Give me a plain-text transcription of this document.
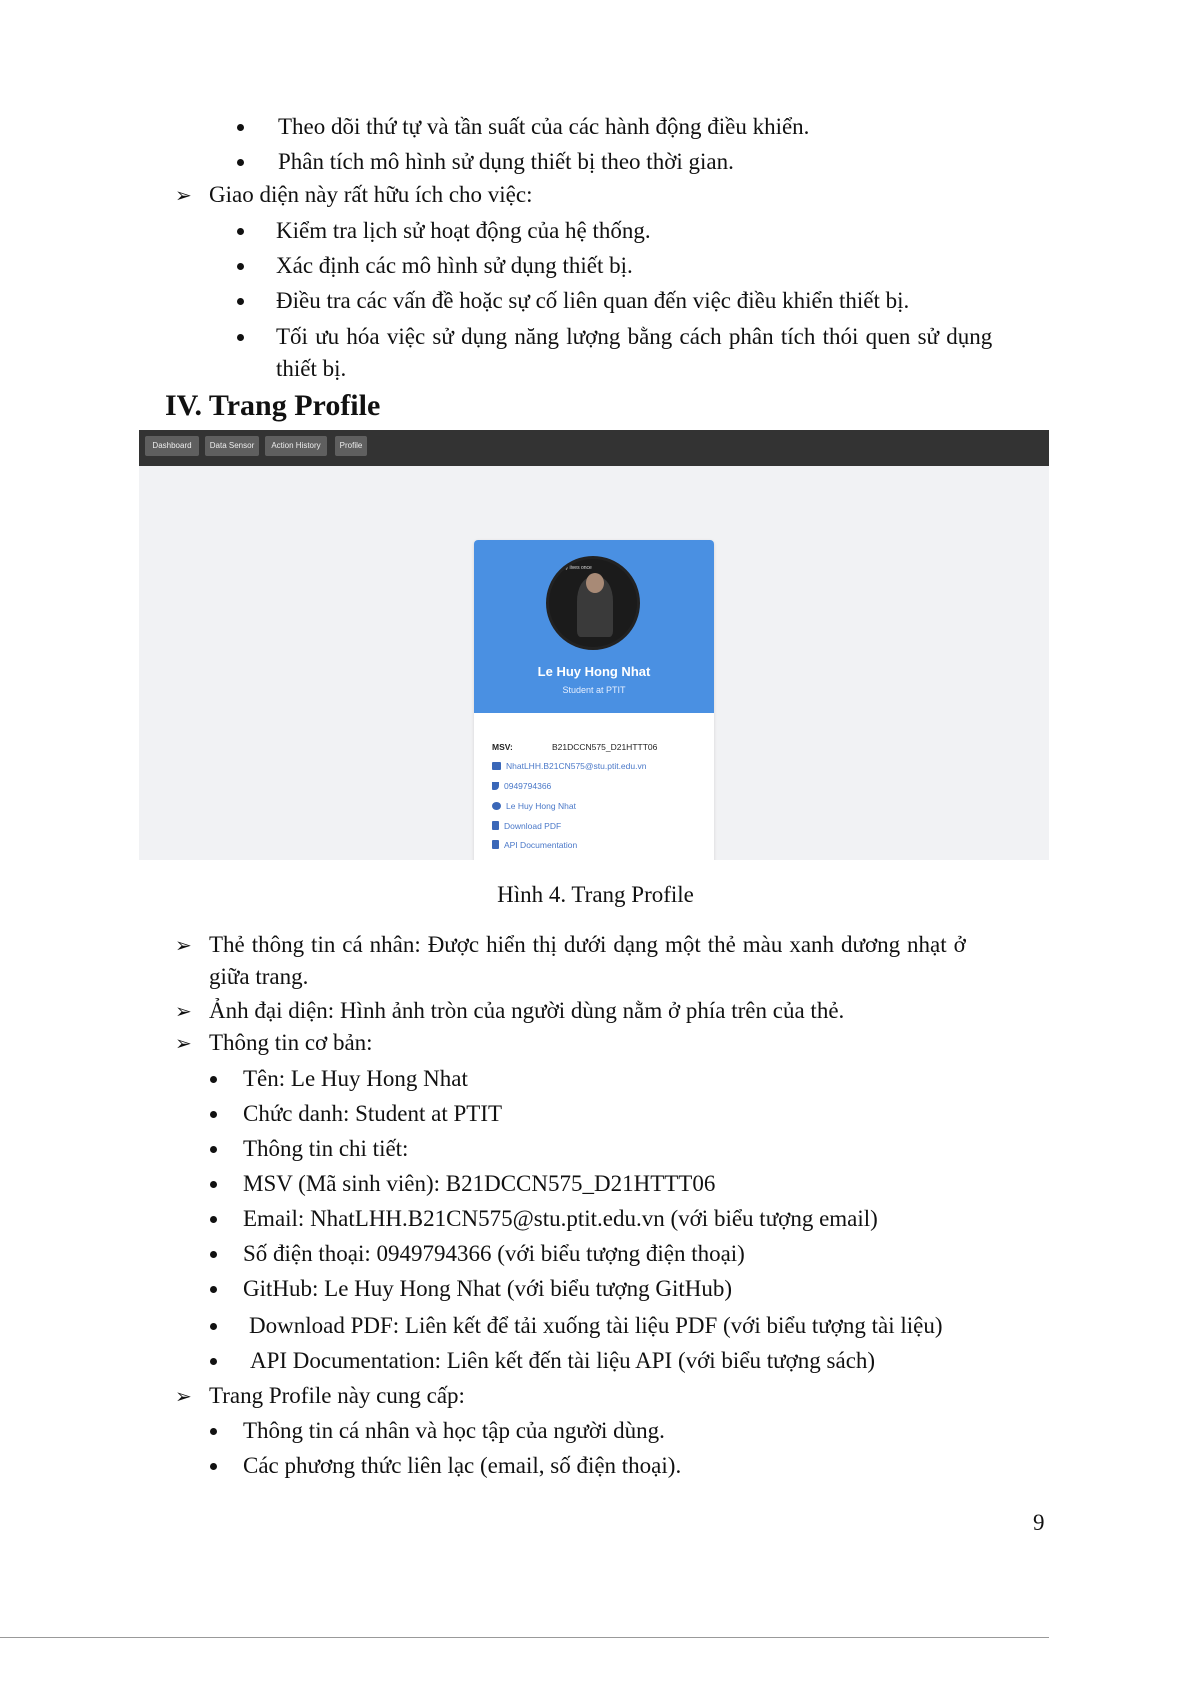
Theo dõi thứ tự và tần suất của các hành động điều khiển.
Phân tích mô hình sử dụng thiết bị theo thời gian.
➢ Giao diện này rất hữu ích cho việc:
Kiểm tra lịch sử hoạt động của hệ thống.
Xác định các mô hình sử dụng thiết bị.
Điều tra các vấn đề hoặc sự cố liên quan đến việc điều khiển thiết bị.
Tối ưu hóa việc sử dụng năng lượng bằng cách phân tích thói quen sử dụng
thiết bị.
IV. Trang Profile
Dashboard	Data Sensor	Action History	Profile
only lives once
Le Huy Hong Nhat
Student at PTIT
MSV:	B21DCCN575_D21HTTT06
NhatLHH.B21CN575@stu.ptit.edu.vn
0949794366
Le Huy Hong Nhat
Download PDF
API Documentation
Hình 4. Trang Profile
➢ Thẻ thông tin cá nhân: Được hiển thị dưới dạng một thẻ màu xanh dương nhạt ở
giữa trang.
➢ Ảnh đại diện: Hình ảnh tròn của người dùng nằm ở phía trên của thẻ.
➢ Thông tin cơ bản:
Tên: Le Huy Hong Nhat
Chức danh: Student at PTIT
Thông tin chi tiết:
MSV (Mã sinh viên): B21DCCN575_D21HTTT06
Email: NhatLHH.B21CN575@stu.ptit.edu.vn (với biểu tượng email)
Số điện thoại: 0949794366 (với biểu tượng điện thoại)
GitHub: Le Huy Hong Nhat (với biểu tượng GitHub)
Download PDF: Liên kết để tải xuống tài liệu PDF (với biểu tượng tài liệu)
API Documentation: Liên kết đến tài liệu API (với biểu tượng sách)
➢ Trang Profile này cung cấp:
Thông tin cá nhân và học tập của người dùng.
Các phương thức liên lạc (email, số điện thoại).
9
